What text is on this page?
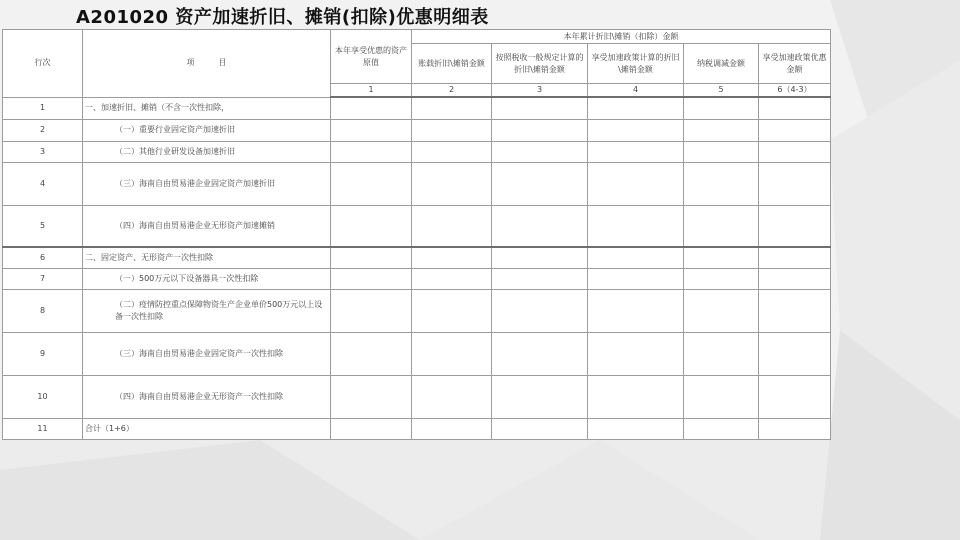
A201020 资产加速折旧、摊销(扣除)优惠明细表
行次	项　　　目	本年享受优惠的资产原值	本年累计折旧\摊销（扣除）金额				
			账载折旧\摊销金额	按照税收一般规定计算的折旧\摊销金额	享受加速政策计算的折旧\摊销金额	纳税调减金额	享受加速政策优惠金额
		1	2	3	4	5	6（4-3）
1	一、加速折旧、摊销（不含一次性扣除，						
2	（一）重要行业固定资产加速折旧						
3	（二）其他行业研发设备加速折旧						
4	（三）海南自由贸易港企业固定资产加速折旧						
5	（四）海南自由贸易港企业无形资产加速摊销						
6	二、固定资产、无形资产一次性扣除						
7	（一）500万元以下设备器具一次性扣除						
8	（二）疫情防控重点保障物资生产企业单价500万元以上设备一次性扣除						
9	（三）海南自由贸易港企业固定资产一次性扣除						
10	（四）海南自由贸易港企业无形资产一次性扣除						
11	合计（1+6）						
